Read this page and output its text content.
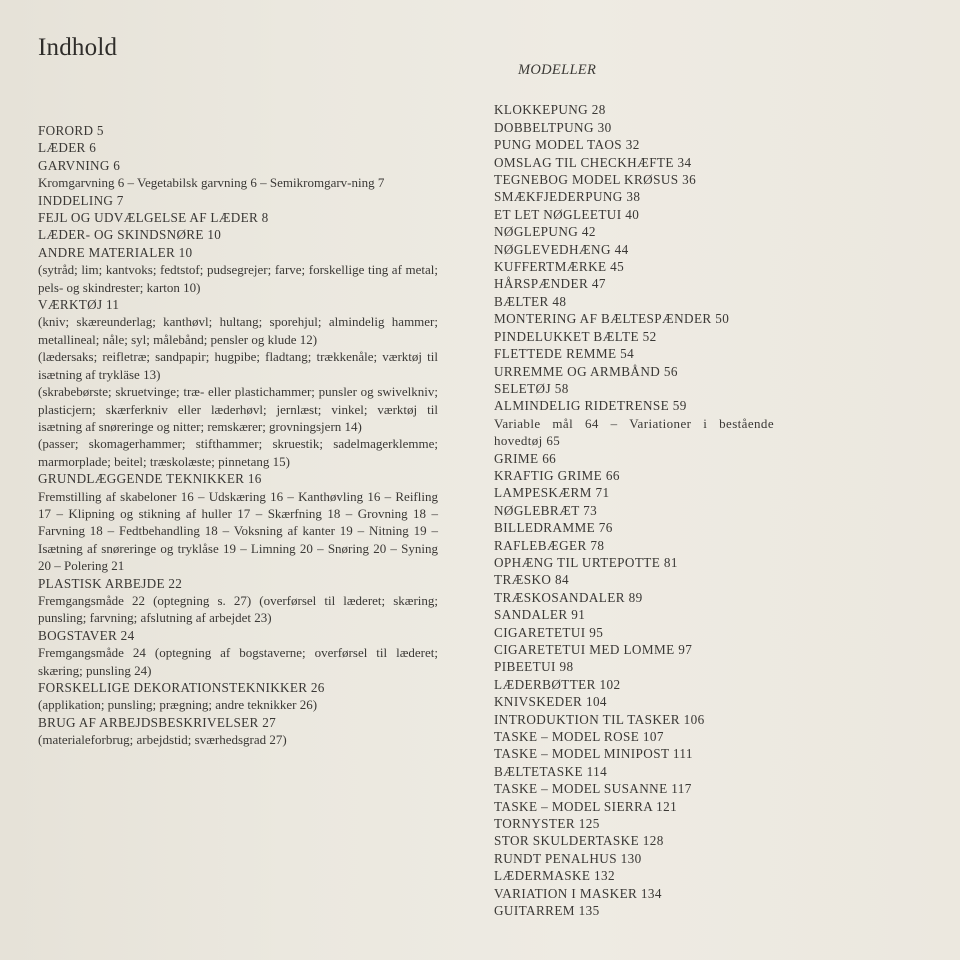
Indhold
FORORD 5
LÆDER 6
GARVNING 6
Kromgarvning 6 – Vegetabilsk garvning 6 – Semikromgarv-ning 7
INDDELING 7
FEJL OG UDVÆLGELSE AF LÆDER 8
LÆDER- OG SKINDSNØRE 10
ANDRE MATERIALER 10
(sytråd; lim; kantvoks; fedtstof; pudsegrejer; farve; forskellige ting af metal; pels- og skindrester; karton 10)
VÆRKTØJ 11
(kniv; skæreunderlag; kanthøvl; hultang; sporehjul; almindelig hammer; metallineal; nåle; syl; målebånd; pensler og klude 12)
(lædersaks; reifletræ; sandpapir; hugpibe; fladtang; trækkenåle; værktøj til isætning af trykläse 13)
(skrabebørste; skruetvinge; træ- eller plastichammer; punsler og swivelkniv; plasticjern; skærferkniv eller læderhøvl; jernlæst; vinkel; værktøj til isætning af snøreringe og nitter; remskærer; grovningsjern 14)
(passer; skomagerhammer; stifthammer; skruestik; sadelmagerklemme; marmorplade; beitel; træskolæste; pinnetang 15)
GRUNDLÆGGENDE TEKNIKKER 16
Fremstilling af skabeloner 16 – Udskæring 16 – Kanthøvling 16 – Reifling 17 – Klipning og stikning af huller 17 – Skærfning 18 – Grovning 18 – Farvning 18 – Fedtbehandling 18 – Voksning af kanter 19 – Nitning 19 – Isætning af snøreringe og tryklåse 19 – Limning 20 – Snøring 20 – Syning 20 – Polering 21
PLASTISK ARBEJDE 22
Fremgangsmåde 22 (optegning s. 27) (overførsel til læderet; skæring; punsling; farvning; afslutning af arbejdet 23)
BOGSTAVER 24
Fremgangsmåde 24 (optegning af bogstaverne; overførsel til læderet; skæring; punsling 24)
FORSKELLIGE DEKORATIONSTEKNIKKER 26
(applikation; punsling; prægning; andre teknikker 26)
BRUG AF ARBEJDSBESKRIVELSER 27
(materialeforbrug; arbejdstid; sværhedsgrad 27)
MODELLER
KLOKKEPUNG 28
DOBBELTPUNG 30
PUNG MODEL TAOS 32
OMSLAG TIL CHECKHÆFTE 34
TEGNEBOG MODEL KRØSUS 36
SMÆKFJEDERPUNG 38
ET LET NØGLEETUI 40
NØGLEPUNG 42
NØGLEVEDHÆNG 44
KUFFERTMÆRKE 45
HÅRSPÆNDER 47
BÆLTER 48
MONTERING AF BÆLTESPÆNDER 50
PINDELUKKET BÆLTE 52
FLETTEDE REMME 54
URREMME OG ARMBÅND 56
SELETØJ 58
ALMINDELIG RIDETRENSE 59
Variable mål 64 – Variationer i bestående hovedtøj 65
GRIME 66
KRAFTIG GRIME 66
LAMPESKÆRM 71
NØGLEBRÆT 73
BILLEDRAMME 76
RAFLEBÆGER 78
OPHÆNG TIL URTEPOTTE 81
TRÆSKO 84
TRÆSKOSANDALER 89
SANDALER 91
CIGARETETUI 95
CIGARETETUI MED LOMME 97
PIBEETUI 98
LÆDERBØTTER 102
KNIVSKEDER 104
INTRODUKTION TIL TASKER 106
TASKE – MODEL ROSE 107
TASKE – MODEL MINIPOST 111
BÆLTETASKE 114
TASKE – MODEL SUSANNE 117
TASKE – MODEL SIERRA 121
TORNYSTER 125
STOR SKULDERTASKE 128
RUNDT PENALHUS 130
LÆDERMASKE 132
VARIATION I MASKER 134
GUITARREM 135
